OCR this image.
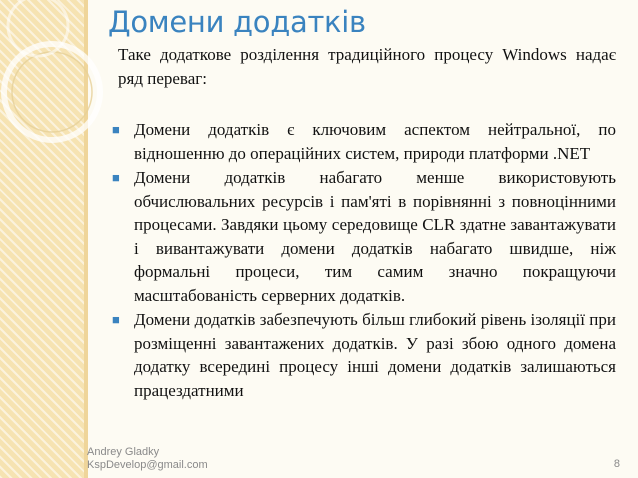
Домени додатків

Таке додаткове розділення традиційного процесу Windows надає ряд переваг:

■ Домени додатків є ключовим аспектом нейтральної, по відношенню до операційних систем, природи платформи .NET
■ Домени додатків набагато менше використовують обчислювальних ресурсів і пам'яті в порівнянні з повноцінними процесами. Завдяки цьому середовище CLR здатне завантажувати і вивантажувати домени додатків набагато швидше, ніж формальні процеси, тим самим значно покращуючи масштабованість серверних додатків.
■ Домени додатків забезпечують більш глибокий рівень ізоляції при розміщенні завантажених додатків. У разі збою одного домена додатку всередині процесу інші домени додатків залишаються працездатними
Andrey Gladky
KspDevelop@gmail.com	8
